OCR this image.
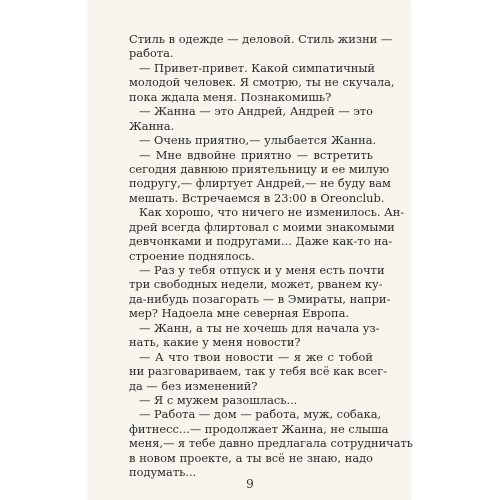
Стиль в одежде — деловой. Стиль жизни —
работа.
— Привет-привет. Какой симпатичный
молодой человек. Я смотрю, ты не скучала,
пока ждала меня. Познакомишь?
— Жанна — это Андрей, Андрей — это
Жанна.
— Очень приятно,— улыбается Жанна.
— Мне вдвойне приятно — встретить
сегодня давнюю приятельницу и ее милую
подругу,— флиртует Андрей,— не буду вам
мешать. Встречаемся в 23:00 в Oreonclub.
Как хорошо, что ничего не изменилось. Ан-
дрей всегда флиртовал с моими знакомыми
девчонками и подругами... Даже как-то на-
строение поднялось.
— Раз у тебя отпуск и у меня есть почти
три свободных недели, может, рванем ку-
да-нибудь позагорать — в Эмираты, напри-
мер? Надоела мне северная Европа.
— Жанн, а ты не хочешь для начала уз-
нать, какие у меня новости?
— А что твои новости — я же с тобой
ни разговариваем, так у тебя всё как всег-
да — без изменений?
— Я с мужем разошлась...
— Работа — дом — работа, муж, собака,
фитнесс...— продолжает Жанна, не слыша
меня,— я тебе давно предлагала сотрудничать
в новом проекте, а ты всё не знаю, надо
подумать...
9
